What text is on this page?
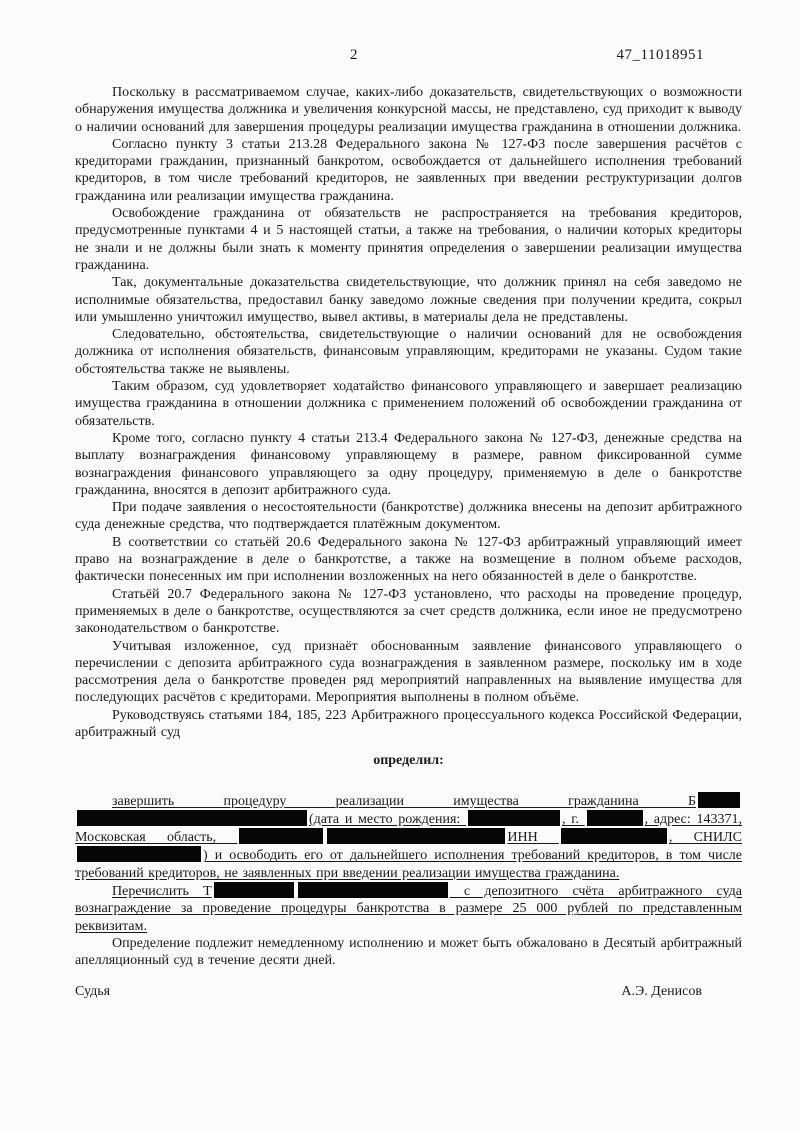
2	47_11018951

Поскольку в рассматриваемом случае, каких-либо доказательств, свидетельствующих о возможности обнаружения имущества должника и увеличения конкурсной массы, не представлено, суд приходит к выводу о наличии оснований для завершения процедуры реализации имущества гражданина в отношении должника.

Согласно пункту 3 статьи 213.28 Федерального закона № 127-ФЗ после завершения расчётов с кредиторами гражданин, признанный банкротом, освобождается от дальнейшего исполнения требований кредиторов, в том числе требований кредиторов, не заявленных при введении реструктуризации долгов гражданина или реализации имущества гражданина.

Освобождение гражданина от обязательств не распространяется на требования кредиторов, предусмотренные пунктами 4 и 5 настоящей статьи, а также на требования, о наличии которых кредиторы не знали и не должны были знать к моменту принятия определения о завершении реализации имущества гражданина.

Так, документальные доказательства свидетельствующие, что должник принял на себя заведомо не исполнимые обязательства, предоставил банку заведомо ложные сведения при получении кредита, сокрыл или умышленно уничтожил имущество, вывел активы, в материалы дела не представлены.

Следовательно, обстоятельства, свидетельствующие о наличии оснований для не освобождения должника от исполнения обязательств, финансовым управляющим, кредиторами не указаны. Судом такие обстоятельства также не выявлены.

Таким образом, суд удовлетворяет ходатайство финансового управляющего и завершает реализацию имущества гражданина в отношении должника с применением положений об освобождении гражданина от обязательств.

Кроме того, согласно пункту 4 статьи 213.4 Федерального закона № 127-ФЗ, денежные средства на выплату вознаграждения финансовому управляющему в размере, равном фиксированной сумме вознаграждения финансового управляющего за одну процедуру, применяемую в деле о банкротстве гражданина, вносятся в депозит арбитражного суда.

При подаче заявления о несостоятельности (банкротстве) должника внесены на депозит арбитражного суда денежные средства, что подтверждается платёжным документом.

В соответствии со статьёй 20.6 Федерального закона № 127-ФЗ арбитражный управляющий имеет право на вознаграждение в деле о банкротстве, а также на возмещение в полном объеме расходов, фактически понесенных им при исполнении возложенных на него обязанностей в деле о банкротстве.

Статьёй 20.7 Федерального закона № 127-ФЗ установлено, что расходы на проведение процедур, применяемых в деле о банкротстве, осуществляются за счет средств должника, если иное не предусмотрено законодательством о банкротстве.

Учитывая изложенное, суд признаёт обоснованным заявление финансового управляющего о перечислении с депозита арбитражного суда вознаграждения в заявленном размере, поскольку им в ходе рассмотрения дела о банкротстве проведен ряд мероприятий направленных на выявление имущества для последующих расчётов с кредиторами. Мероприятия выполнены в полном объёме.

Руководствуясь статьями 184, 185, 223 Арбитражного процессуального кодекса Российской Федерации, арбитражный суд

определил:

завершить процедуру реализации имущества гражданина Б(дата и место рождения:	, г.	, адрес: 143371, Московская область,	ИНН	, СНИЛС ) и освободить его от дальнейшего исполнения требований кредиторов, в том числе требований кредиторов, не заявленных при введении реализации имущества гражданина.

Перечислить Т	с депозитного счёта арбитражного суда вознаграждение за проведение процедуры банкротства в размере 25 000 рублей по представленным реквизитам.

Определение подлежит немедленному исполнению и может быть обжаловано в Десятый арбитражный апелляционный суд в течение десяти дней.

Судья	А.Э. Денисов
